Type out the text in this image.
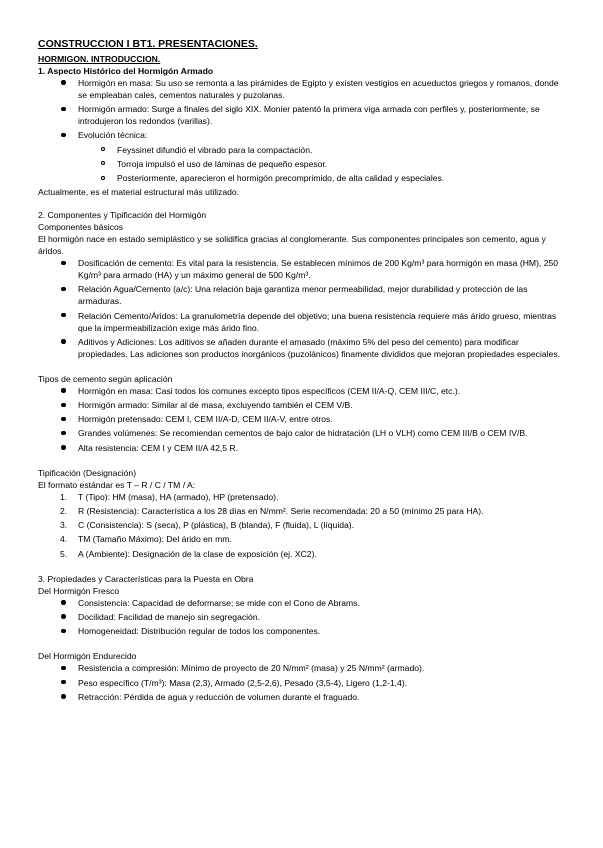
CONSTRUCCION I BT1. PRESENTACIONES.
HORMIGON. INTRODUCCION.
1. Aspecto Histórico del Hormigón Armado
Hormigón en masa: Su uso se remonta a las pirámides de Egipto y existen vestigios en acueductos griegos y romanos, donde se empleaban cales, cementos naturales y puzolanas.
Hormigón armado: Surge a finales del siglo XIX. Monier patentó la primera viga armada con perfiles y, posteriormente, se introdujeron los redondos (varillas).
Evolución técnica:
Feyssinet difundió el vibrado para la compactación.
Torroja impulsó el uso de láminas de pequeño espesor.
Posteriormente, aparecieron el hormigón precomprimido, de alta calidad y especiales.
Actualmente, es el material estructural más utilizado.
2. Componentes y Tipificación del Hormigón
Componentes básicos
El hormigón nace en estado semiplástico y se solidifica gracias al conglomerante. Sus componentes principales son cemento, agua y áridos.
Dosificación de cemento: Es vital para la resistencia. Se establecen mínimos de 200 Kg/m³ para hormigón en masa (HM), 250 Kg/m³ para armado (HA) y un máximo general de 500 Kg/m³.
Relación Agua/Cemento (a/c): Una relación baja garantiza menor permeabilidad, mejor durabilidad y protección de las armaduras.
Relación Cemento/Áridos: La granulometría depende del objetivo; una buena resistencia requiere más árido grueso, mientras que la impermeabilización exige más árido fino.
Aditivos y Adiciones: Los aditivos se añaden durante el amasado (máximo 5% del peso del cemento) para modificar propiedades. Las adiciones son productos inorgánicos (puzolánicos) finamente divididos que mejoran propiedades especiales.
Tipos de cemento según aplicación
Hormigón en masa: Casi todos los comunes excepto tipos específicos (CEM II/A-Q, CEM III/C, etc.).
Hormigón armado: Similar al de masa, excluyendo también el CEM V/B.
Hormigón pretensado: CEM I, CEM II/A-D, CEM II/A-V, entre otros.
Grandes volúmenes: Se recomiendan cementos de bajo calor de hidratación (LH o VLH) como CEM III/B o CEM IV/B.
Alta resistencia: CEM I y CEM II/A 42,5 R.
Tipificación (Designación)
El formato estándar es T – R / C / TM / A:
1. T (Tipo): HM (masa), HA (armado), HP (pretensado).
2. R (Resistencia): Característica a los 28 días en N/mm². Serie recomendada: 20 a 50 (mínimo 25 para HA).
3. C (Consistencia): S (seca), P (plástica), B (blanda), F (fluida), L (líquida).
4. TM (Tamaño Máximo): Del árido en mm.
5. A (Ambiente): Designación de la clase de exposición (ej. XC2).
3. Propiedades y Características para la Puesta en Obra
Del Hormigón Fresco
Consistencia: Capacidad de deformarse; se mide con el Cono de Abrams.
Docilidad: Facilidad de manejo sin segregación.
Homogeneidad: Distribución regular de todos los componentes.
Del Hormigón Endurecido
Resistencia a compresión: Mínimo de proyecto de 20 N/mm² (masa) y 25 N/mm² (armado).
Peso específico (T/m³): Masa (2,3), Armado (2,5-2,6), Pesado (3,5-4), Ligero (1,2-1,4).
Retracción: Pérdida de agua y reducción de volumen durante el fraguado.
